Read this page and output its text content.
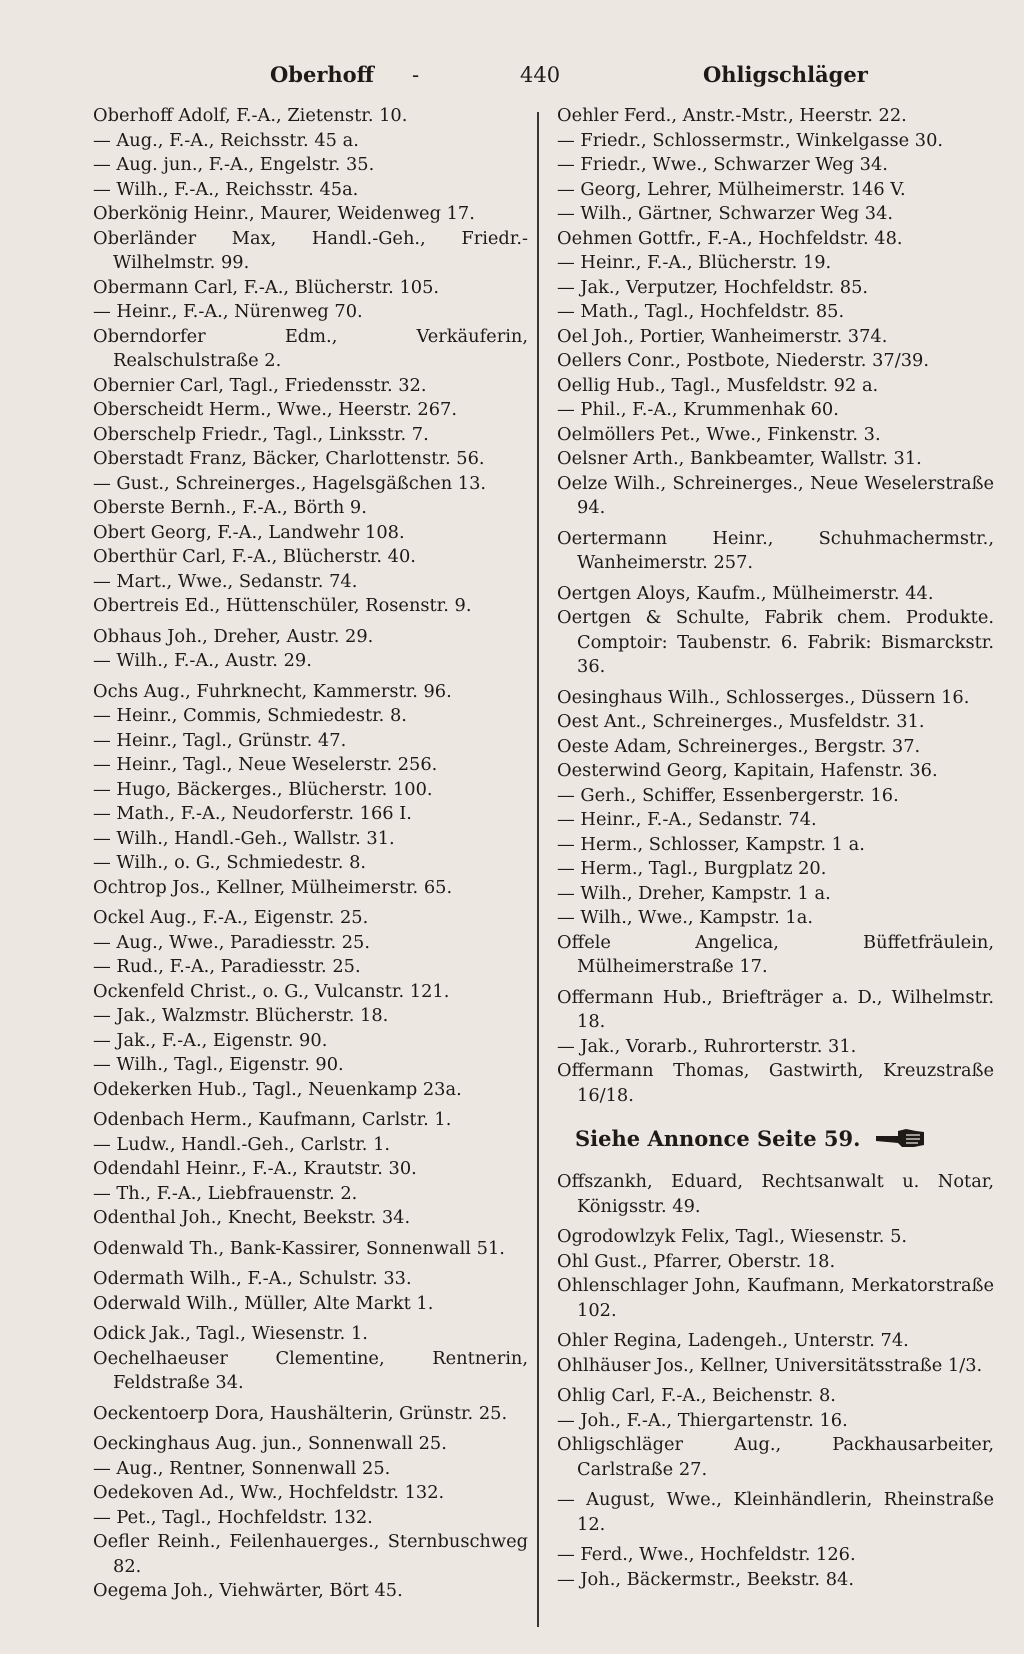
Oberhoff -	440	Ohligschläger
Oberhoff Adolf, F.-A., Zietenstr. 10.
— Aug., F.-A., Reichsstr. 45 a.
— Aug. jun., F.-A., Engelstr. 35.
— Wilh., F.-A., Reichsstr. 45a.
Oberkönig Heinr., Maurer, Weidenweg 17.
Oberländer Max, Handl.-Geh., Friedr.-Wilhelmstr. 99.
Obermann Carl, F.-A., Blücherstr. 105.
— Heinr., F.-A., Nürenweg 70.
Oberndorfer Edm., Verkäuferin, Realschulstraße 2.
Obernier Carl, Tagl., Friedensstr. 32.
Oberscheidt Herm., Wwe., Heerstr. 267.
Oberschelp Friedr., Tagl., Linksstr. 7.
Oberstadt Franz, Bäcker, Charlottenstr. 56.
— Gust., Schreinerges., Hagelsgäßchen 13.
Oberste Bernh., F.-A., Börth 9.
Obert Georg, F.-A., Landwehr 108.
Oberthür Carl, F.-A., Blücherstr. 40.
— Mart., Wwe., Sedanstr. 74.
Obertreis Ed., Hüttenschüler, Rosenstr. 9.
Obhaus Joh., Dreher, Austr. 29.
— Wilh., F.-A., Austr. 29.
Ochs Aug., Fuhrknecht, Kammerstr. 96.
— Heinr., Commis, Schmiedestr. 8.
— Heinr., Tagl., Grünstr. 47.
— Heinr., Tagl., Neue Weselerstr. 256.
— Hugo, Bäckerges., Blücherstr. 100.
— Math., F.-A., Neudorferstr. 166 I.
— Wilh., Handl.-Geh., Wallstr. 31.
— Wilh., o. G., Schmiedestr. 8.
Ochtrop Jos., Kellner, Mülheimerstr. 65.
Ockel Aug., F.-A., Eigenstr. 25.
— Aug., Wwe., Paradiesstr. 25.
— Rud., F.-A., Paradiesstr. 25.
Ockenfeld Christ., o. G., Vulcanstr. 121.
— Jak., Walzmstr. Blücherstr. 18.
— Jak., F.-A., Eigenstr. 90.
— Wilh., Tagl., Eigenstr. 90.
Odekerken Hub., Tagl., Neuenkamp 23a.
Odenbach Herm., Kaufmann, Carlstr. 1.
— Ludw., Handl.-Geh., Carlstr. 1.
Odendahl Heinr., F.-A., Krautstr. 30.
— Th., F.-A., Liebfrauenstr. 2.
Odenthal Joh., Knecht, Beekstr. 34.
Odenwald Th., Bank-Kassirer, Sonnenwall 51.
Odermath Wilh., F.-A., Schulstr. 33.
Oderwald Wilh., Müller, Alte Markt 1.
Odick Jak., Tagl., Wiesenstr. 1.
Oechelhaeuser Clementine, Rentnerin, Feldstraße 34.
Oeckentoerp Dora, Haushälterin, Grünstr. 25.
Oeckinghaus Aug. jun., Sonnenwall 25.
— Aug., Rentner, Sonnenwall 25.
Oedekoven Ad., Ww., Hochfeldstr. 132.
— Pet., Tagl., Hochfeldstr. 132.
Oefler Reinh., Feilenhauerges., Sternbuschweg 82.
Oegema Joh., Viehwärter, Bört 45.
Oehler Ferd., Anstr.-Mstr., Heerstr. 22.
— Friedr., Schlossermstr., Winkelgasse 30.
— Friedr., Wwe., Schwarzer Weg 34.
— Georg, Lehrer, Mülheimerstr. 146 V.
— Wilh., Gärtner, Schwarzer Weg 34.
Oehmen Gottfr., F.-A., Hochfeldstr. 48.
— Heinr., F.-A., Blücherstr. 19.
— Jak., Verputzer, Hochfeldstr. 85.
— Math., Tagl., Hochfeldstr. 85.
Oel Joh., Portier, Wanheimerstr. 374.
Oellers Conr., Postbote, Niederstr. 37/39.
Oellig Hub., Tagl., Musfeldstr. 92 a.
— Phil., F.-A., Krummenhak 60.
Oelmöllers Pet., Wwe., Finkenstr. 3.
Oelsner Arth., Bankbeamter, Wallstr. 31.
Oelze Wilh., Schreinerges., Neue Weselerstraße 94.
Oertermann Heinr., Schuhmachermstr., Wanheimerstr. 257.
Oertgen Aloys, Kaufm., Mülheimerstr. 44.
Oertgen & Schulte, Fabrik chem. Produkte. Comptoir: Taubenstr. 6. Fabrik: Bismarckstr. 36.
Oesinghaus Wilh., Schlosserges., Düssern 16.
Oest Ant., Schreinerges., Musfeldstr. 31.
Oeste Adam, Schreinerges., Bergstr. 37.
Oesterwind Georg, Kapitain, Hafenstr. 36.
— Gerh., Schiffer, Essenbergerstr. 16.
— Heinr., F.-A., Sedanstr. 74.
— Herm., Schlosser, Kampstr. 1 a.
— Herm., Tagl., Burgplatz 20.
— Wilh., Dreher, Kampstr. 1 a.
— Wilh., Wwe., Kampstr. 1a.
Offele Angelica, Büffetfräulein, Mülheimerstraße 17.
Offermann Hub., Briefträger a. D., Wilhelmstr. 18.
— Jak., Vorarb., Ruhrorterstr. 31.
Offermann Thomas, Gastwirth, Kreuzstraße 16/18.
Siehe Annonce Seite 59.
Offszankh, Eduard, Rechtsanwalt u. Notar, Königsstr. 49.
Ogrodowlzyk Felix, Tagl., Wiesenstr. 5.
Ohl Gust., Pfarrer, Oberstr. 18.
Ohlenschlager John, Kaufmann, Merkatorstraße 102.
Ohler Regina, Ladengeh., Unterstr. 74.
Ohlhäuser Jos., Kellner, Universitätsstraße 1/3.
Ohlig Carl, F.-A., Beichenstr. 8.
— Joh., F.-A., Thiergartenstr. 16.
Ohligschläger Aug., Packhausarbeiter, Carlstraße 27.
— August, Wwe., Kleinhändlerin, Rheinstraße 12.
— Ferd., Wwe., Hochfeldstr. 126.
— Joh., Bäckermstr., Beekstr. 84.
